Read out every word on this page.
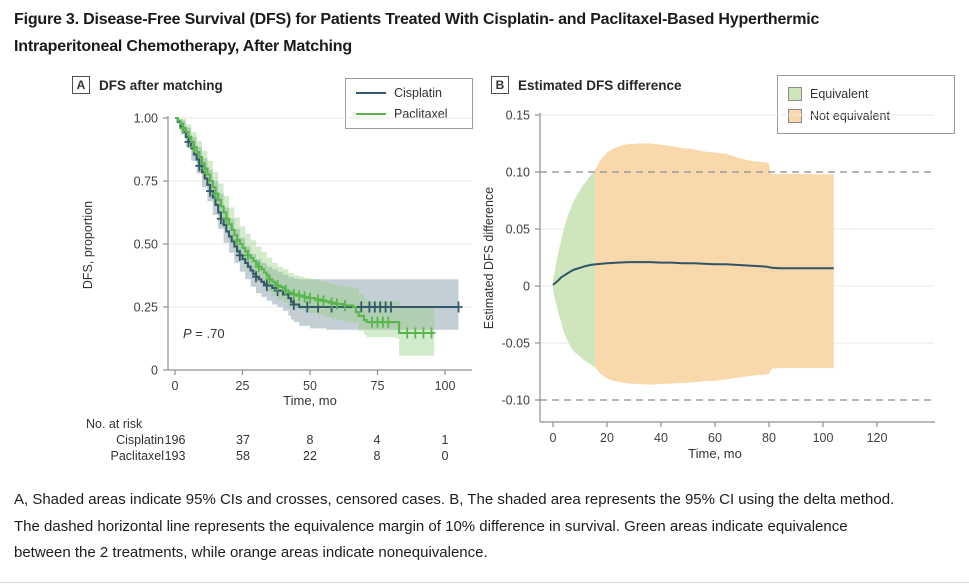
Figure 3. Disease-Free Survival (DFS) for Patients Treated With Cisplatin- and Paclitaxel-Based Hyperthermic
Intraperitoneal Chemotherapy, After Matching
A	DFS after matching
Cisplatin
Paclitaxel
1.00
0.75
0.50
0.25
0
0	25	50	75	100
DFS, proportion
P = .70
Time, mo
No. at risk
Cisplatin 196	37	8	4	1
Paclitaxel 193	58	22	8	0
B	Estimated DFS difference
Equivalent
Not equivalent
0.15
0.10
0.05
0
-0.05
-0.10
0	20	40	60	80	100	120
Estimated DFS difference
Time, mo
A, Shaded areas indicate 95% CIs and crosses, censored cases. B, The shaded area represents the 95% CI using the delta method.
The dashed horizontal line represents the equivalence margin of 10% difference in survival. Green areas indicate equivalence
between the 2 treatments, while orange areas indicate nonequivalence.
